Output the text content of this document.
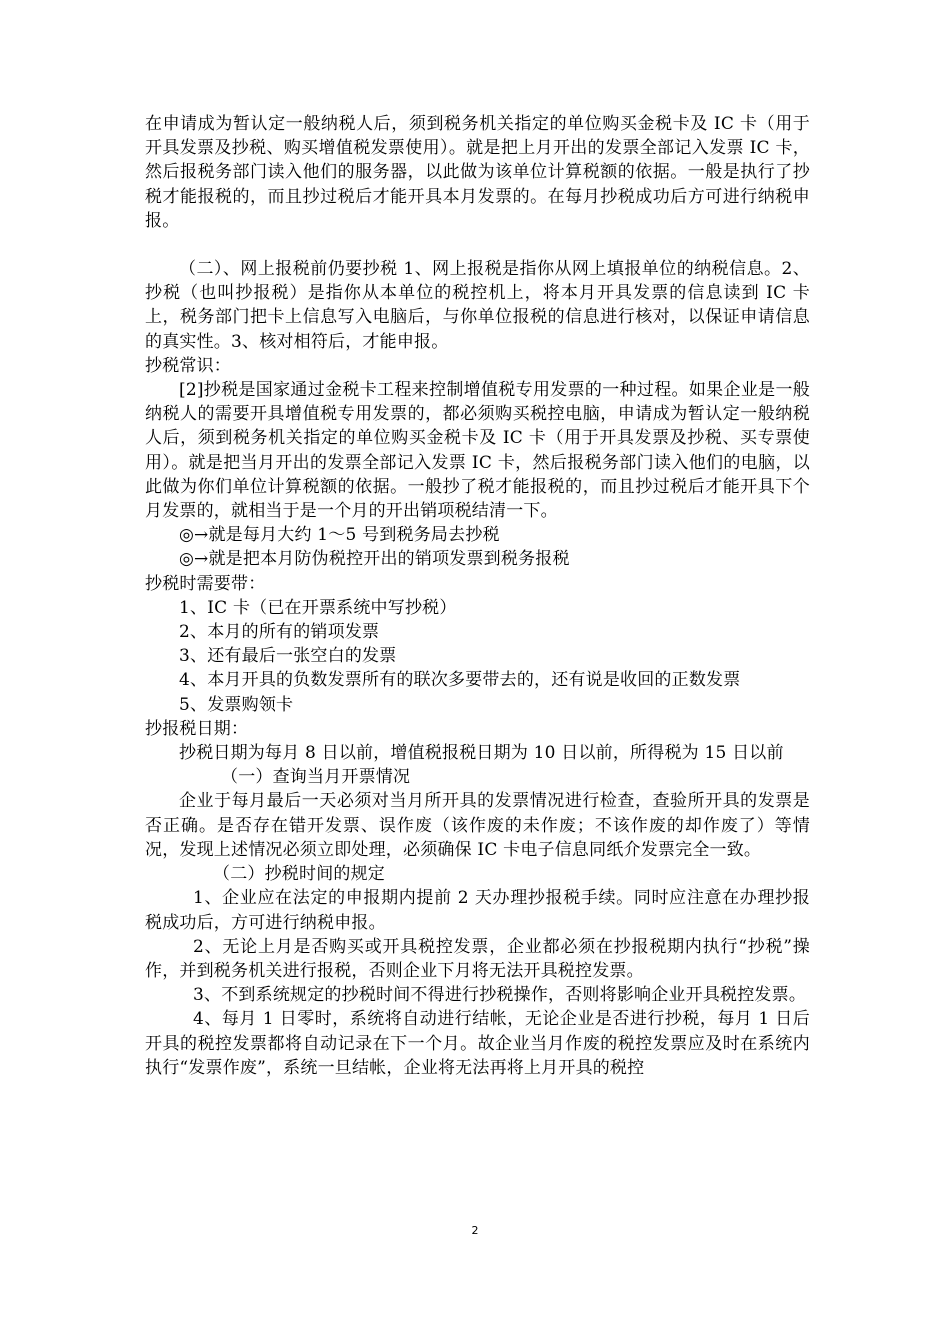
在申请成为暂认定一般纳税人后，须到税务机关指定的单位购买金税卡及 IC 卡（用于开具发票及抄税、购买增值税发票使用）。就是把上月开出的发票全部记入发票 IC 卡，然后报税务部门读入他们的服务器，以此做为该单位计算税额的依据。一般是执行了抄税才能报税的，而且抄过税后才能开具本月发票的。在每月抄税成功后方可进行纳税申报。

（二）、网上报税前仍要抄税 1、网上报税是指你从网上填报单位的纳税信息。2、抄税（也叫抄报税）是指你从本单位的税控机上，将本月开具发票的信息读到 IC 卡上，税务部门把卡上信息写入电脑后，与你单位报税的信息进行核对，以保证申请信息的真实性。3、核对相符后，才能申报。

抄税常识：

[2]抄税是国家通过金税卡工程来控制增值税专用发票的一种过程。如果企业是一般纳税人的需要开具增值税专用发票的，都必须购买税控电脑，申请成为暂认定一般纳税人后，须到税务机关指定的单位购买金税卡及 IC 卡（用于开具发票及抄税、买专票使用）。就是把当月开出的发票全部记入发票 IC 卡，然后报税务部门读入他们的电脑，以此做为你们单位计算税额的依据。一般抄了税才能报税的，而且抄过税后才能开具下个月发票的，就相当于是一个月的开出销项税结清一下。

◎→就是每月大约 1～5 号到税务局去抄税

◎→就是把本月防伪税控开出的销项发票到税务报税

抄税时需要带：

1、IC 卡（已在开票系统中写抄税）

2、本月的所有的销项发票

3、还有最后一张空白的发票

4、本月开具的负数发票所有的联次多要带去的，还有说是收回的正数发票

5、发票购领卡

抄报税日期：

抄税日期为每月 8 日以前，增值税报税日期为 10 日以前，所得税为 15 日以前

（一）查询当月开票情况

企业于每月最后一天必须对当月所开具的发票情况进行检查，查验所开具的发票是否正确。是否存在错开发票、误作废（该作废的未作废；不该作废的却作废了）等情况，发现上述情况必须立即处理，必须确保 IC 卡电子信息同纸介发票完全一致。

（二）抄税时间的规定

1、企业应在法定的申报期内提前 2 天办理抄报税手续。同时应注意在办理抄报税成功后，方可进行纳税申报。

2、无论上月是否购买或开具税控发票，企业都必须在抄报税期内执行“抄税”操作，并到税务机关进行报税，否则企业下月将无法开具税控发票。

3、不到系统规定的抄税时间不得进行抄税操作，否则将影响企业开具税控发票。

4、每月 1 日零时，系统将自动进行结帐，无论企业是否进行抄税，每月 1 日后开具的税控发票都将自动记录在下一个月。故企业当月作废的税控发票应及时在系统内执行“发票作废”，系统一旦结帐，企业将无法再将上月开具的税控

2
